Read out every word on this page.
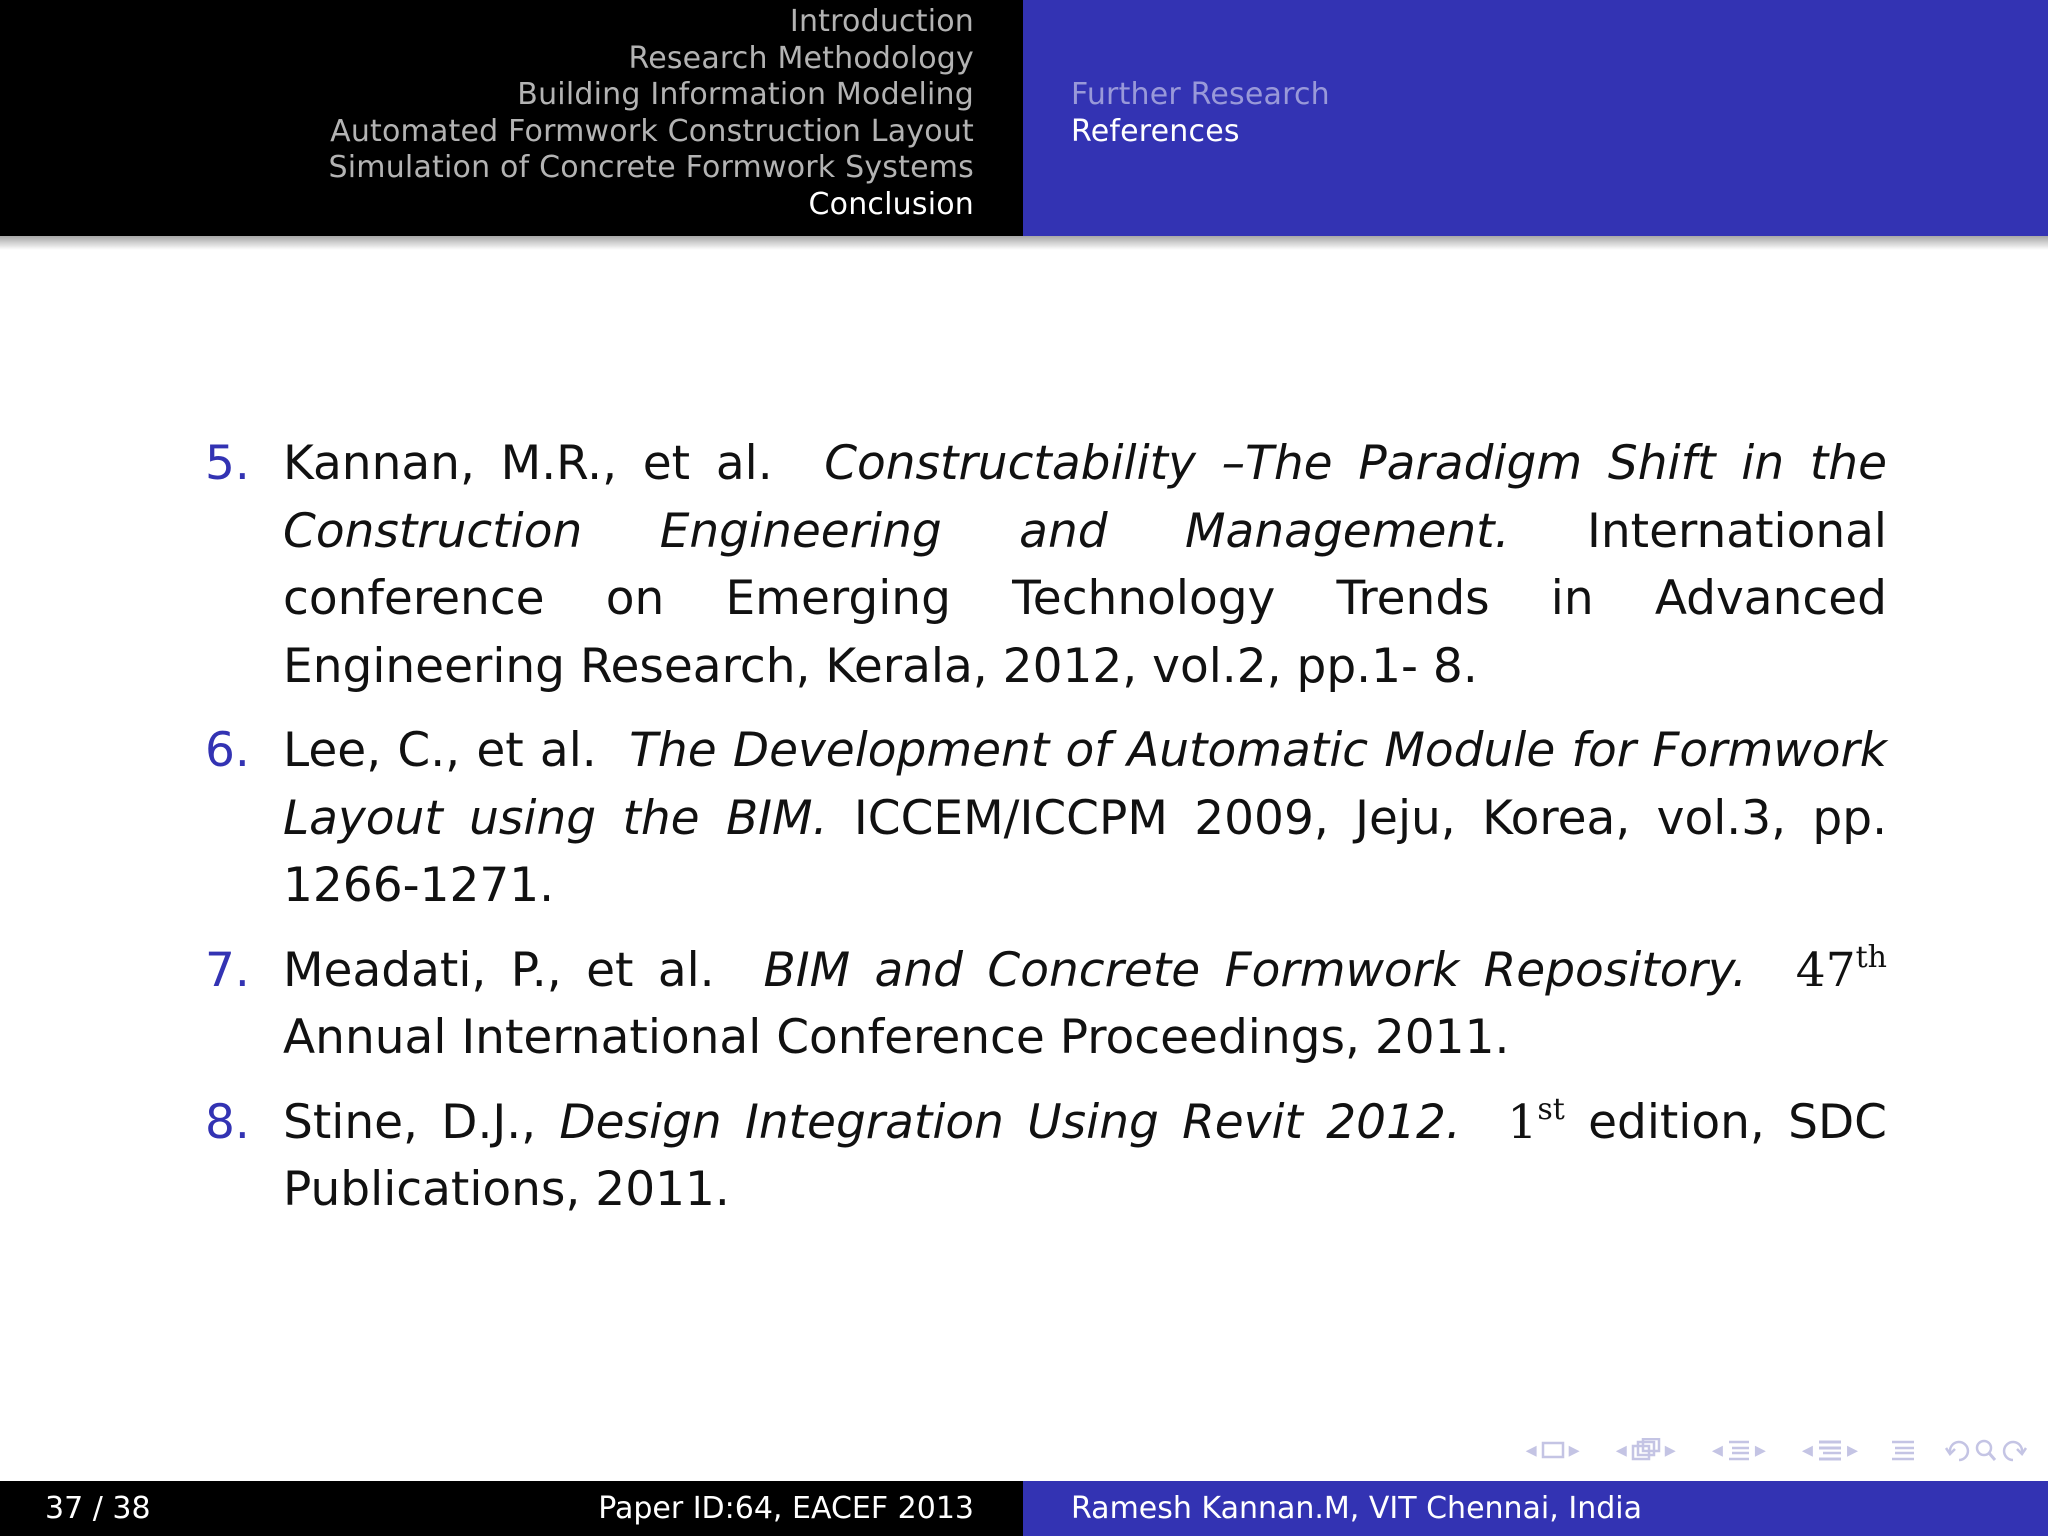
Introduction
Research Methodology
Building Information Modeling
Automated Formwork Construction Layout
Simulation of Concrete Formwork Systems
Conclusion
Further Research
References
5. Kannan, M.R., et al. Constructability –The Paradigm Shift in the Construction Engineering and Management. International conference on Emerging Technology Trends in Advanced Engineering Research, Kerala, 2012, vol.2, pp.1- 8.
6. Lee, C., et al. The Development of Automatic Module for Formwork Layout using the BIM. ICCEM/ICCPM 2009, Jeju, Korea, vol.3, pp. 1266-1271.
7. Meadati, P., et al. BIM and Concrete Formwork Repository. 47th Annual International Conference Proceedings, 2011.
8. Stine, D.J., Design Integration Using Revit 2012. 1st edition, SDC Publications, 2011.
◂ ▸ ◂ ▸ ◂ ▸ ◂ ▸
37 / 38	Paper ID:64, EACEF 2013	Ramesh Kannan.M, VIT Chennai, India
